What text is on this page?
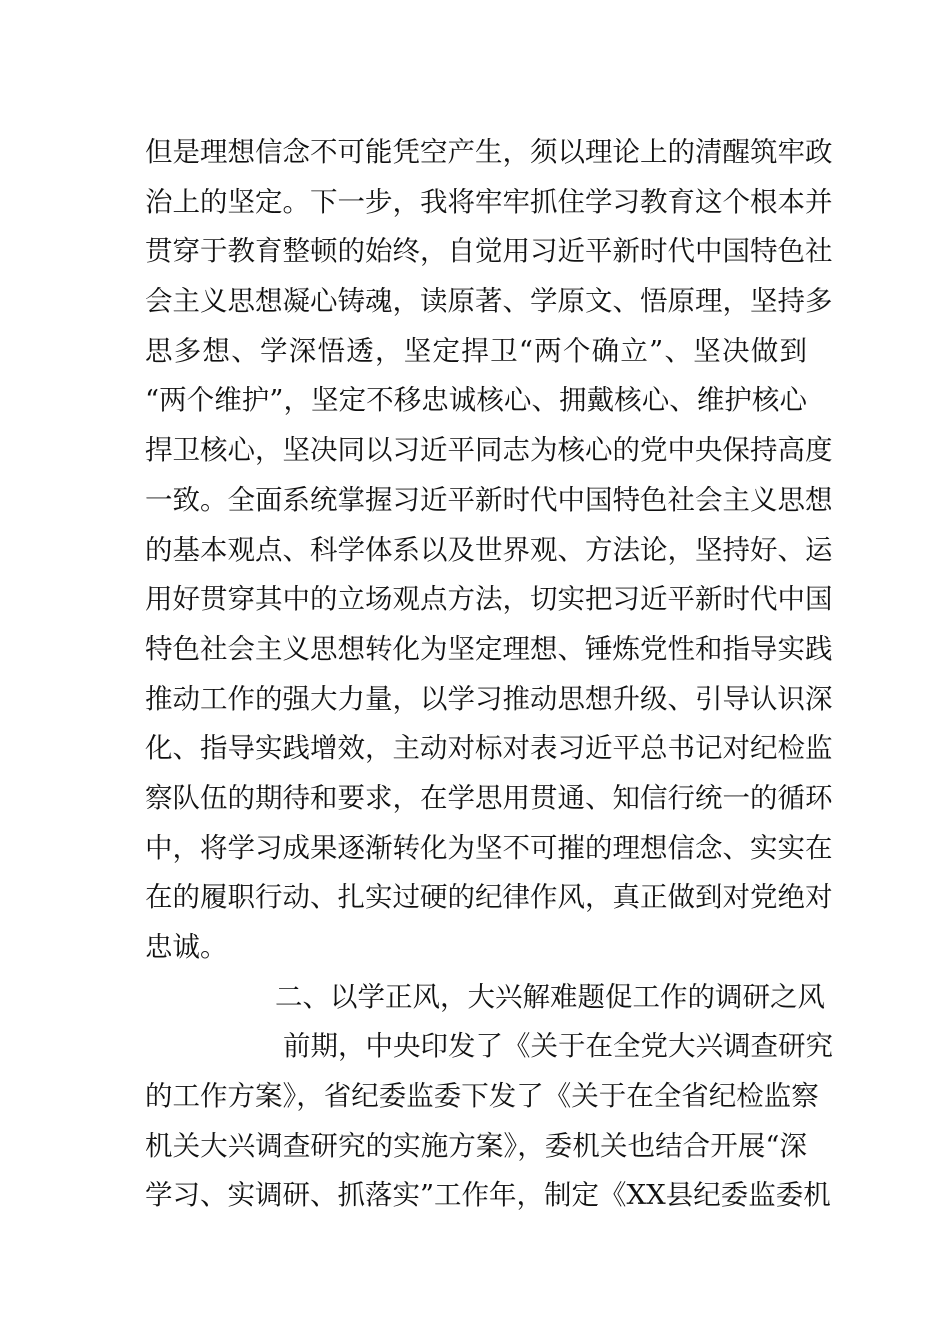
但是理想信念不可能凭空产生，须以理论上的清醒筑牢政
治上的坚定。下一步，我将牢牢抓住学习教育这个根本并
贯穿于教育整顿的始终，自觉用习近平新时代中国特色社
会主义思想凝心铸魂，读原著、学原文、悟原理，坚持多
思多想、学深悟透，坚定捍卫“两个确立”、坚决做到
“两个维护”，坚定不移忠诚核心、拥戴核心、维护核心
捍卫核心，坚决同以习近平同志为核心的党中央保持高度
一致。全面系统掌握习近平新时代中国特色社会主义思想
的基本观点、科学体系以及世界观、方法论，坚持好、运
用好贯穿其中的立场观点方法，切实把习近平新时代中国
特色社会主义思想转化为坚定理想、锤炼党性和指导实践
推动工作的强大力量，以学习推动思想升级、引导认识深
化、指导实践增效，主动对标对表习近平总书记对纪检监
察队伍的期待和要求，在学思用贯通、知信行统一的循环
中，将学习成果逐渐转化为坚不可摧的理想信念、实实在
在的履职行动、扎实过硬的纪律作风，真正做到对党绝对
忠诚。
二、以学正风，大兴解难题促工作的调研之风
前期，中央印发了《关于在全党大兴调查研究
的工作方案》，省纪委监委下发了《关于在全省纪检监察
机关大兴调查研究的实施方案》，委机关也结合开展“深
学习、实调研、抓落实”工作年，制定《XX县纪委监委机
